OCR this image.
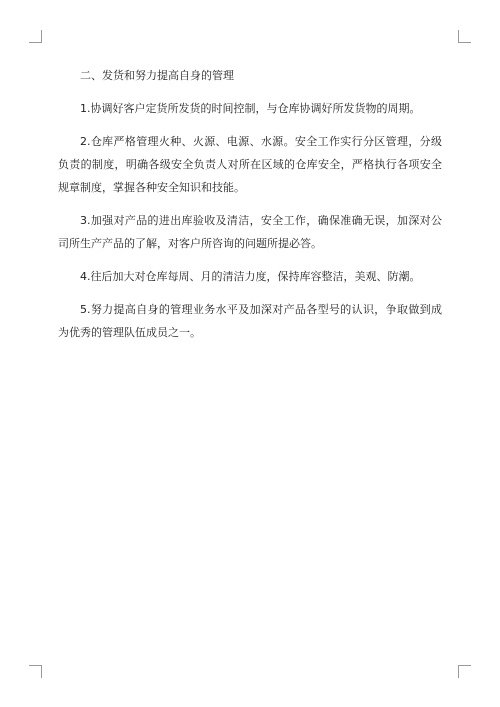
二、发货和努力提高自身的管理

1.协调好客户定货所发货的时间控制，与仓库协调好所发货物的周期。

2.仓库严格管理火种、火源、电源、水源。安全工作实行分区管理，分级负责的制度，明确各级安全负责人对所在区域的仓库安全，严格执行各项安全规章制度，掌握各种安全知识和技能。

3.加强对产品的进出库验收及清洁，安全工作，确保准确无误，加深对公司所生产产品的了解，对客户所咨询的问题所提必答。

4.往后加大对仓库每周、月的清洁力度，保持库容整洁，美观、防潮。

5.努力提高自身的管理业务水平及加深对产品各型号的认识，争取做到成为优秀的管理队伍成员之一。
